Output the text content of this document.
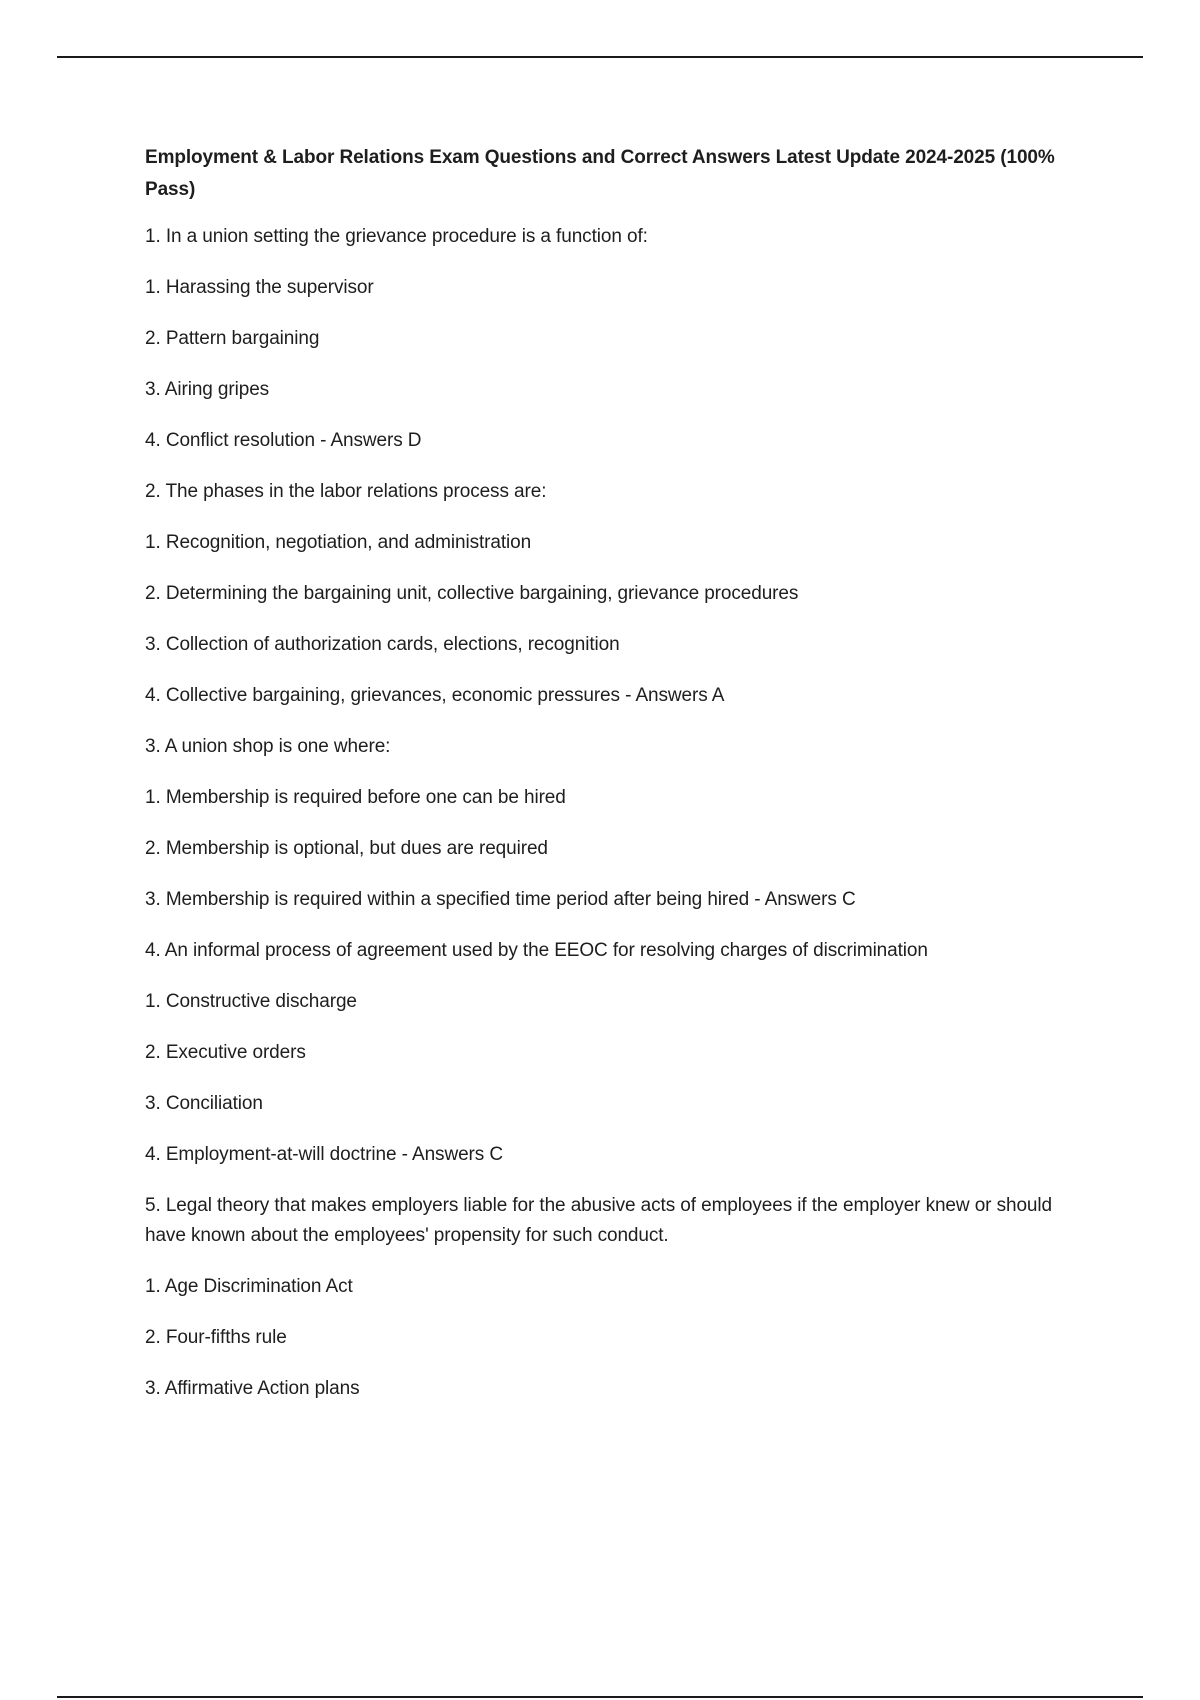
Employment & Labor Relations Exam Questions and Correct Answers Latest Update 2024-2025 (100% Pass)
1. In a union setting the grievance procedure is a function of:
1. Harassing the supervisor
2. Pattern bargaining
3. Airing gripes
4. Conflict resolution - Answers D
2. The phases in the labor relations process are:
1. Recognition, negotiation, and administration
2. Determining the bargaining unit, collective bargaining, grievance procedures
3. Collection of authorization cards, elections, recognition
4. Collective bargaining, grievances, economic pressures - Answers A
3. A union shop is one where:
1. Membership is required before one can be hired
2. Membership is optional, but dues are required
3. Membership is required within a specified time period after being hired - Answers C
4. An informal process of agreement used by the EEOC for resolving charges of discrimination
1. Constructive discharge
2. Executive orders
3. Conciliation
4. Employment-at-will doctrine - Answers C
5. Legal theory that makes employers liable for the abusive acts of employees if the employer knew or should have known about the employees' propensity for such conduct.
1. Age Discrimination Act
2. Four-fifths rule
3. Affirmative Action plans
